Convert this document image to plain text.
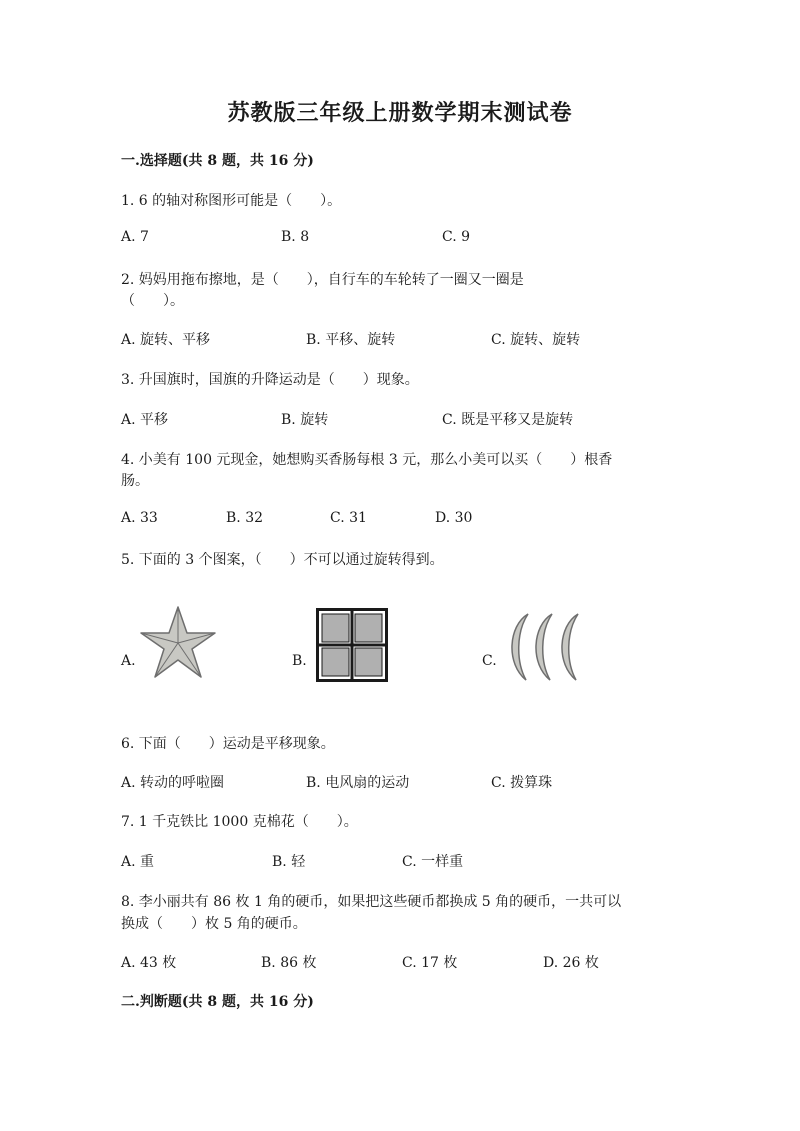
苏教版三年级上册数学期末测试卷
一.选择题(共 8 题，共 16 分)
1. 6 的轴对称图形可能是（　　）。
A. 7	B. 8	C. 9
2. 妈妈用拖布擦地，是（　　），自行车的车轮转了一圈又一圈是
（　　）。
A. 旋转、平移	B. 平移、旋转	C. 旋转、旋转
3. 升国旗时，国旗的升降运动是（　　）现象。
A. 平移	B. 旋转	C. 既是平移又是旋转
4. 小美有 100 元现金，她想购买香肠每根 3 元，那么小美可以买（　　）根香
肠。
A. 33	B. 32	C. 31	D. 30
5. 下面的 3 个图案，（　　）不可以通过旋转得到。
A.	B.	C.
6. 下面（　　）运动是平移现象。
A. 转动的呼啦圈	B. 电风扇的运动	C. 拨算珠
7. 1 千克铁比 1000 克棉花（　　）。
A. 重	B. 轻	C. 一样重
8. 李小丽共有 86 枚 1 角的硬币，如果把这些硬币都换成 5 角的硬币，一共可以
换成（　　）枚 5 角的硬币。
A. 43 枚	B. 86 枚	C. 17 枚	D. 26 枚
二.判断题(共 8 题，共 16 分)
